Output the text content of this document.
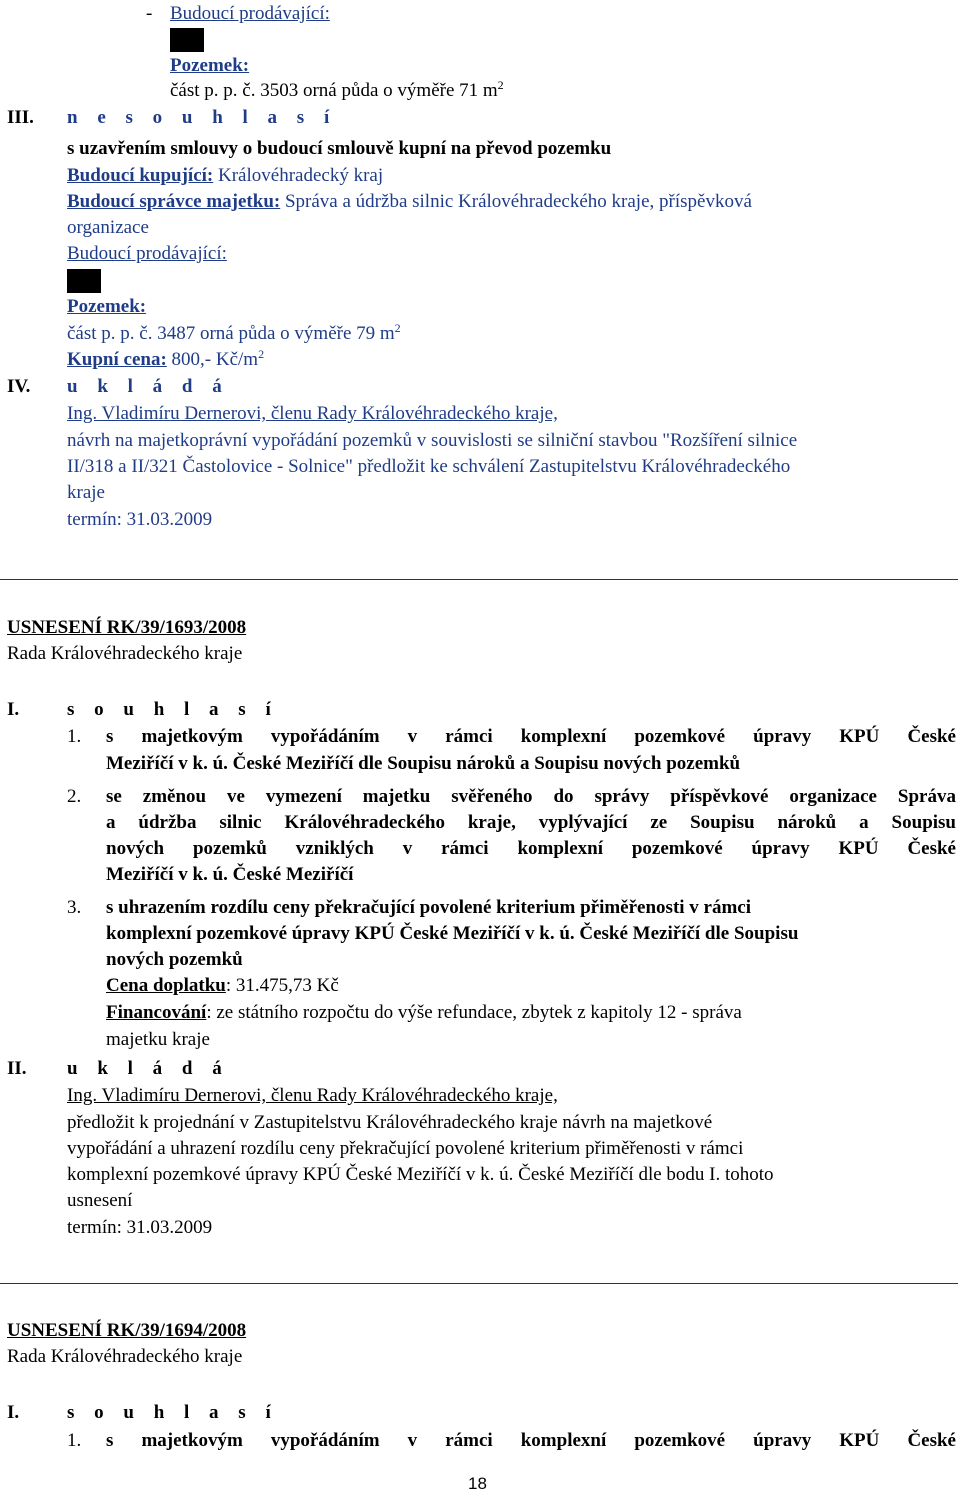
- Budoucí prodávající:
Pozemek:
část p. p. č. 3503 orná půda o výměře 71 $m^2$
III. n e s o u h l a s í
s uzavřením smlouvy o budoucí smlouvě kupní na převod pozemku
Budoucí kupující: Královéhradecký kraj
Budoucí správce majetku: Správa a údržba silnic Královéhradeckého kraje, příspěvková
organizace
Budoucí prodávající:
Pozemek:
část p. p. č. 3487 orná půda o výměře 79 $m^2$
Kupní cena: 800,- $Kč/m^2$
IV. u k l á d á
Ing. Vladimíru Dernerovi, členu Rady Královéhradeckého kraje,
návrh na majetkoprávní vypořádání pozemků v souvislosti se silniční stavbou "Rozšíření silnice
II/318 a II/321 Častolovice - Solnice" předložit ke schválení Zastupitelstvu Královéhradeckého
kraje
termín: 31.03.2009
USNESENÍ RK/39/1693/2008
Rada Královéhradeckého kraje
I.	s o u h l a s í
1. s majetkovým vypořádáním v rámci komplexní pozemkové úpravy KPÚ České
Meziříčí v k. ú. České Meziříčí dle Soupisu nároků a Soupisu nových pozemků
2. se změnou ve vymezení majetku svěřeného do správy příspěvkové organizace Správa
a údržba silnic Královéhradeckého kraje, vyplývající ze Soupisu nároků a Soupisu
nových pozemků vzniklých v rámci komplexní pozemkové úpravy KPÚ České
Meziříčí v k. ú. České Meziříčí
3. s uhrazením rozdílu ceny překračující povolené kriterium přiměřenosti v rámci
komplexní pozemkové úpravy KPÚ České Meziříčí v k. ú. České Meziříčí dle Soupisu
nových pozemků
Cena doplatku: 31.475,73 Kč
Financování: ze státního rozpočtu do výše refundace, zbytek z kapitoly 12 - správa
majetku kraje
II. u k l á d á
Ing. Vladimíru Dernerovi, členu Rady Královéhradeckého kraje,
předložit k projednání v Zastupitelstvu Královéhradeckého kraje návrh na majetkové
vypořádání a uhrazení rozdílu ceny překračující povolené kriterium přiměřenosti v rámci
komplexní pozemkové úpravy KPÚ České Meziříčí v k. ú. České Meziříčí dle bodu I. tohoto
usnesení
termín: 31.03.2009
USNESENÍ RK/39/1694/2008
Rada Královéhradeckého kraje
I.	s o u h l a s í
1. s majetkovým vypořádáním v rámci komplexní pozemkové úpravy KPÚ České
18
